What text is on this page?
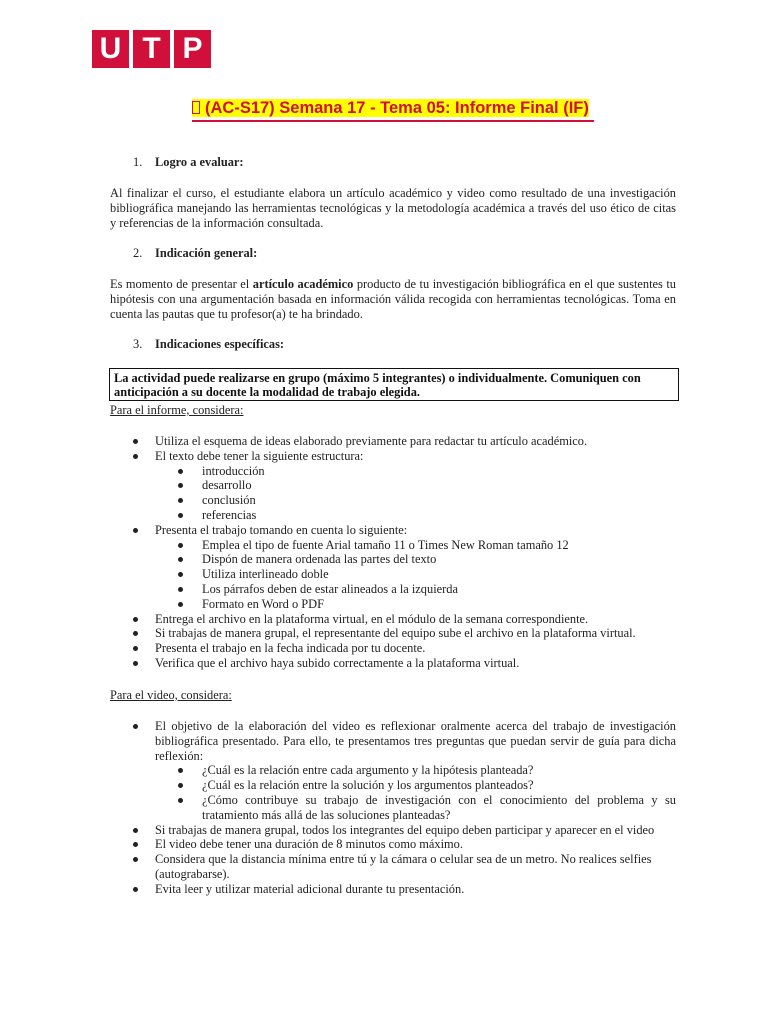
U T P
(AC-S17) Semana 17 - Tema 05: Informe Final (IF)
1. Logro a evaluar:
Al finalizar el curso, el estudiante elabora un artículo académico y video como resultado de una investigación bibliográfica manejando las herramientas tecnológicas y la metodología académica a través del uso ético de citas y referencias de la información consultada.
2. Indicación general:
Es momento de presentar el artículo académico producto de tu investigación bibliográfica en el que sustentes tu hipótesis con una argumentación basada en información válida recogida con herramientas tecnológicas. Toma en cuenta las pautas que tu profesor(a) te ha brindado.
3. Indicaciones específicas:
La actividad puede realizarse en grupo (máximo 5 integrantes) o individualmente. Comuniquen con anticipación a su docente la modalidad de trabajo elegida.
Para el informe, considera:
Utiliza el esquema de ideas elaborado previamente para redactar tu artículo académico.
El texto debe tener la siguiente estructura:
introducción
desarrollo
conclusión
referencias
Presenta el trabajo tomando en cuenta lo siguiente:
Emplea el tipo de fuente Arial tamaño 11 o Times New Roman tamaño 12
Dispón de manera ordenada las partes del texto
Utiliza interlineado doble
Los párrafos deben de estar alineados a la izquierda
Formato en Word o PDF
Entrega el archivo en la plataforma virtual, en el módulo de la semana correspondiente.
Si trabajas de manera grupal, el representante del equipo sube el archivo en la plataforma virtual.
Presenta el trabajo en la fecha indicada por tu docente.
Verifica que el archivo haya subido correctamente a la plataforma virtual.
Para el video, considera:
El objetivo de la elaboración del video es reflexionar oralmente acerca del trabajo de investigación bibliográfica presentado. Para ello, te presentamos tres preguntas que puedan servir de guía para dicha reflexión:
¿Cuál es la relación entre cada argumento y la hipótesis planteada?
¿Cuál es la relación entre la solución y los argumentos planteados?
¿Cómo contribuye su trabajo de investigación con el conocimiento del problema y su tratamiento más allá de las soluciones planteadas?
Si trabajas de manera grupal, todos los integrantes del equipo deben participar y aparecer en el video
El video debe tener una duración de 8 minutos como máximo.
Considera que la distancia mínima entre tú y la cámara o celular sea de un metro. No realices selfies (autograbarse).
Evita leer y utilizar material adicional durante tu presentación.
